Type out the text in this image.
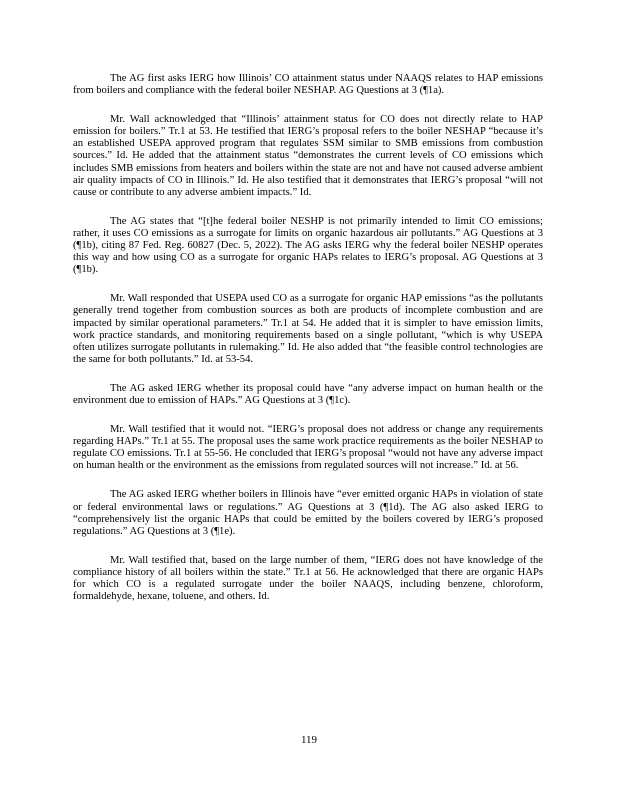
The AG first asks IERG how Illinois’ CO attainment status under NAAQS relates to HAP emissions from boilers and compliance with the federal boiler NESHAP. AG Questions at 3 (¶1a).

Mr. Wall acknowledged that “Illinois’ attainment status for CO does not directly relate to HAP emission for boilers.” Tr.1 at 53. He testified that IERG’s proposal refers to the boiler NESHAP “because it’s an established USEPA approved program that regulates SSM similar to SMB emissions from combustion sources.” Id. He added that the attainment status “demonstrates the current levels of CO emissions which includes SMB emissions from heaters and boilers within the state are not and have not caused adverse ambient air quality impacts of CO in Illinois.” Id. He also testified that it demonstrates that IERG’s proposal “will not cause or contribute to any adverse ambient impacts.” Id.

The AG states that “[t]he federal boiler NESHP is not primarily intended to limit CO emissions; rather, it uses CO emissions as a surrogate for limits on organic hazardous air pollutants.” AG Questions at 3 (¶1b), citing 87 Fed. Reg. 60827 (Dec. 5, 2022). The AG asks IERG why the federal boiler NESHP operates this way and how using CO as a surrogate for organic HAPs relates to IERG’s proposal. AG Questions at 3 (¶1b).

Mr. Wall responded that USEPA used CO as a surrogate for organic HAP emissions “as the pollutants generally trend together from combustion sources as both are products of incomplete combustion and are impacted by similar operational parameters.” Tr.1 at 54. He added that it is simpler to have emission limits, work practice standards, and monitoring requirements based on a single pollutant, “which is why USEPA often utilizes surrogate pollutants in rulemaking.” Id. He also added that “the feasible control technologies are the same for both pollutants.” Id. at 53-54.

The AG asked IERG whether its proposal could have “any adverse impact on human health or the environment due to emission of HAPs.” AG Questions at 3 (¶1c).

Mr. Wall testified that it would not. “IERG’s proposal does not address or change any requirements regarding HAPs.” Tr.1 at 55. The proposal uses the same work practice requirements as the boiler NESHAP to regulate CO emissions. Tr.1 at 55-56. He concluded that IERG’s proposal “would not have any adverse impact on human health or the environment as the emissions from regulated sources will not increase.” Id. at 56.

The AG asked IERG whether boilers in Illinois have “ever emitted organic HAPs in violation of state or federal environmental laws or regulations.” AG Questions at 3 (¶1d). The AG also asked IERG to “comprehensively list the organic HAPs that could be emitted by the boilers covered by IERG’s proposed regulations.” AG Questions at 3 (¶1e).

Mr. Wall testified that, based on the large number of them, “IERG does not have knowledge of the compliance history of all boilers within the state.” Tr.1 at 56. He acknowledged that there are organic HAPs for which CO is a regulated surrogate under the boiler NAAQS, including benzene, chloroform, formaldehyde, hexane, toluene, and others. Id.

119
